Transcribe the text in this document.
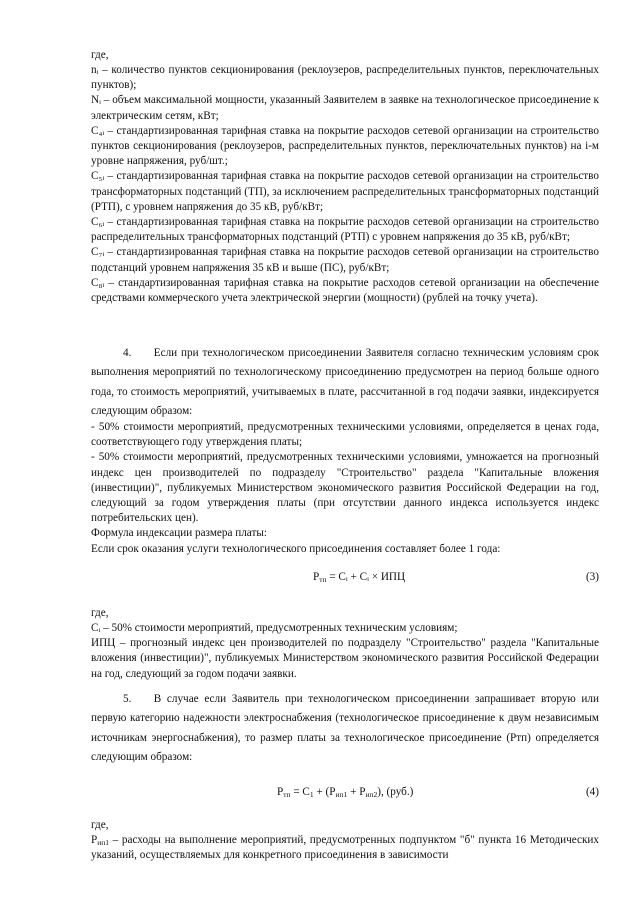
где,
nᵢ – количество пунктов секционирования (реклоузеров, распределительных пунктов, переключательных пунктов);
Nᵢ – объем максимальной мощности, указанный Заявителем в заявке на технологическое присоединение к электрическим сетям, кВт;
C₄ᵢ – стандартизированная тарифная ставка на покрытие расходов сетевой организации на строительство пунктов секционирования (реклоузеров, распределительных пунктов, переключательных пунктов) на i-м уровне напряжения, руб/шт.;
C₅ᵢ – стандартизированная тарифная ставка на покрытие расходов сетевой организации на строительство трансформаторных подстанций (ТП), за исключением распределительных трансформаторных подстанций (РТП), с уровнем напряжения до 35 кВ, руб/кВт;
C₆ᵢ – стандартизированная тарифная ставка на покрытие расходов сетевой организации на строительство распределительных трансформаторных подстанций (РТП) с уровнем напряжения до 35 кВ, руб/кВт;
C₇ᵢ – стандартизированная тарифная ставка на покрытие расходов сетевой организации на строительство подстанций уровнем напряжения 35 кВ и выше (ПС), руб/кВт;
C₈ᵢ – стандартизированная тарифная ставка на покрытие расходов сетевой организации на обеспечение средствами коммерческого учета электрической энергии (мощности) (рублей на точку учета).

4.  Если при технологическом присоединении Заявителя согласно техническим условиям срок выполнения мероприятий по технологическому присоединению предусмотрен на период больше одного года, то стоимость мероприятий, учитываемых в плате, рассчитанной в год подачи заявки, индексируется следующим образом:

- 50% стоимости мероприятий, предусмотренных техническими условиями, определяется в ценах года, соответствующего году утверждения платы;
- 50% стоимости мероприятий, предусмотренных техническими условиями, умножается на прогнозный индекс цен производителей по подразделу "Строительство" раздела "Капитальные вложения (инвестиции)", публикуемых Министерством экономического развития Российской Федерации на год, следующий за годом утверждения платы (при отсутствии данного индекса используется индекс потребительских цен).
Формула индексации размера платы:
Если срок оказания услуги технологического присоединения составляет более 1 года:
$P_{тп}$ = Cᵢ + Cᵢ × ИПЦ	(3)
где,
Cᵢ – 50% стоимости мероприятий, предусмотренных техническим условиям;
ИПЦ – прогнозный индекс цен производителей по подразделу "Строительство" раздела "Капитальные вложения (инвестиции)", публикуемых Министерством экономического развития Российской Федерации на год, следующий за годом подачи заявки.

5.  В случае если Заявитель при технологическом присоединении запрашивает вторую или первую категорию надежности электроснабжения (технологическое присоединение к двум независимым источникам энергоснабжения), то размер платы за технологическое присоединение (Ртп) определяется следующим образом:

$P_{тп} = C_1 + (P_{ип1} + P_{ип2})$, (руб.)	(4)
где,
$P_{ип1}$ – расходы на выполнение мероприятий, предусмотренных подпунктом "б" пункта 16 Методических указаний, осуществляемых для конкретного присоединения в зависимости
